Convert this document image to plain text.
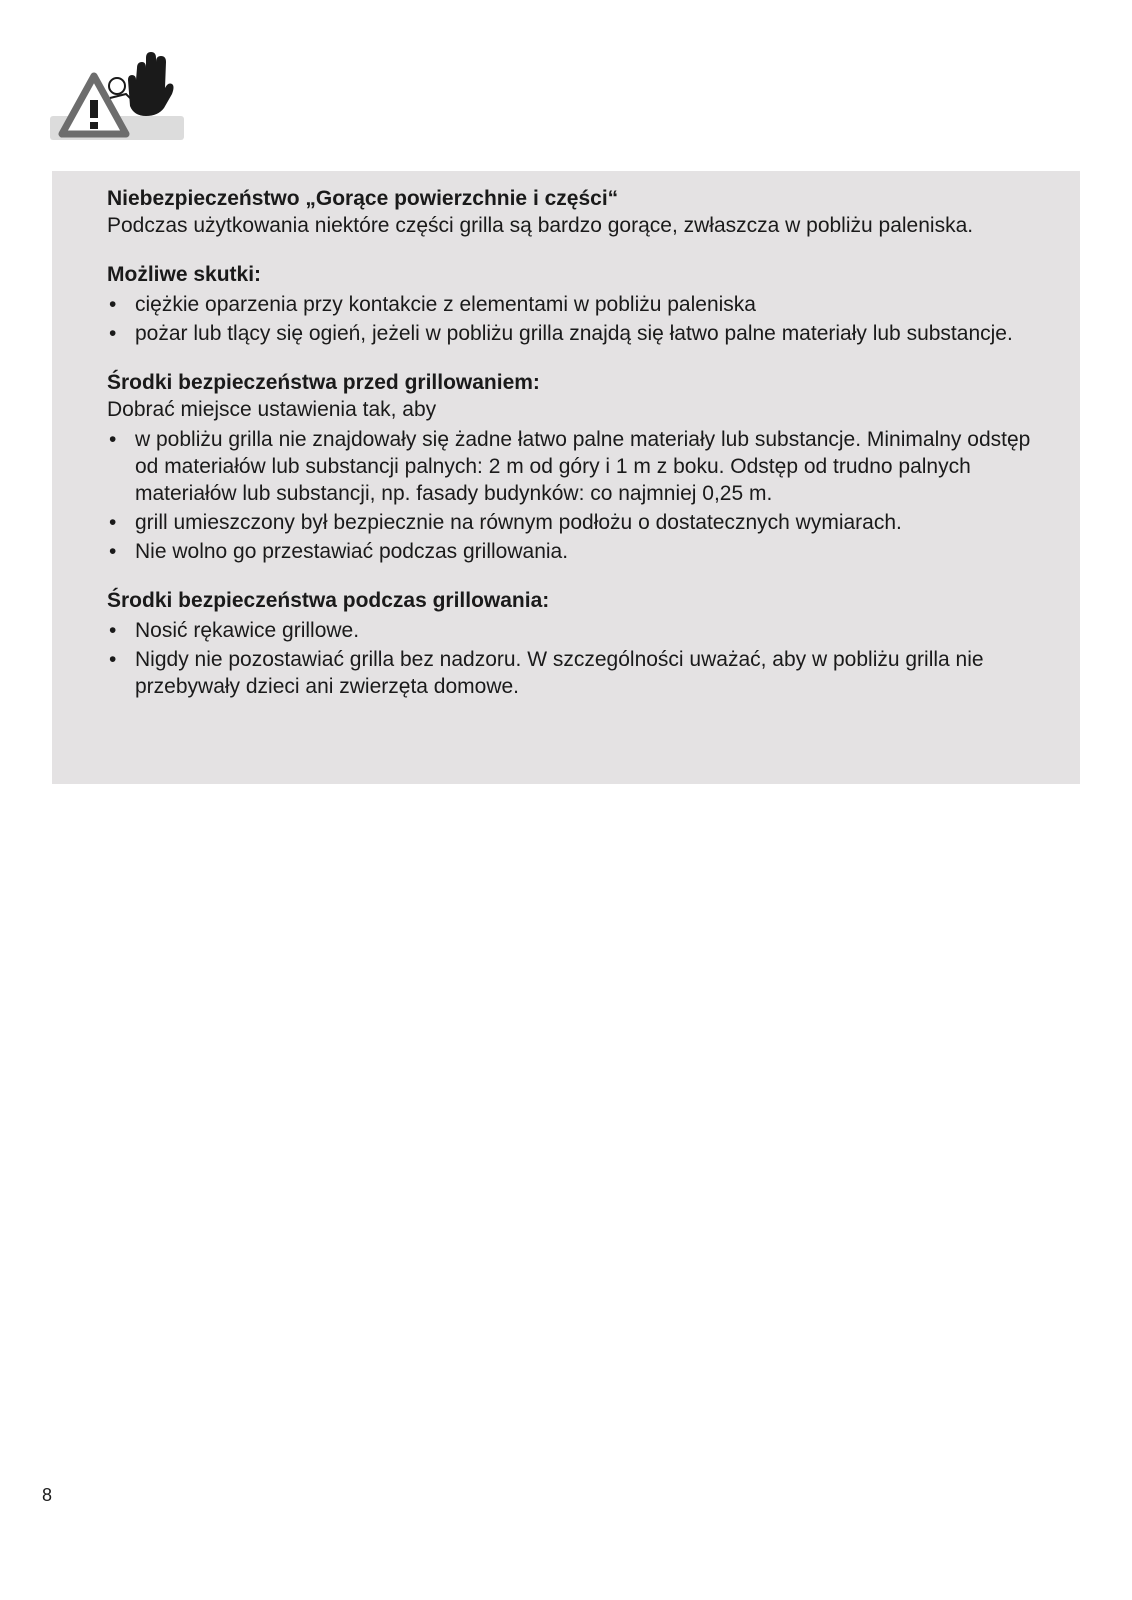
Niebezpieczeństwo „Gorące powierzchnie i części“
Podczas użytkowania niektóre części grilla są bardzo gorące, zwłaszcza w pobliżu paleniska.
Możliwe skutki:
• ciężkie oparzenia przy kontakcie z elementami w pobliżu paleniska
• pożar lub tlący się ogień, jeżeli w pobliżu grilla znajdą się łatwo palne materiały lub substancje.
Środki bezpieczeństwa przed grillowaniem:
Dobrać miejsce ustawienia tak, aby
• w pobliżu grilla nie znajdowały się żadne łatwo palne materiały lub substancje. Minimalny odstęp od materiałów lub substancji palnych: 2 m od góry i 1 m z boku. Odstęp od trudno palnych materiałów lub substancji, np. fasady budynków: co najmniej 0,25 m.
• grill umieszczony był bezpiecznie na równym podłożu o dostatecznych wymiarach.
• Nie wolno go przestawiać podczas grillowania.
Środki bezpieczeństwa podczas grillowania:
• Nosić rękawice grillowe.
• Nigdy nie pozostawiać grilla bez nadzoru. W szczególności uważać, aby w pobliżu grilla nie przebywały dzieci ani zwierzęta domowe.
8
